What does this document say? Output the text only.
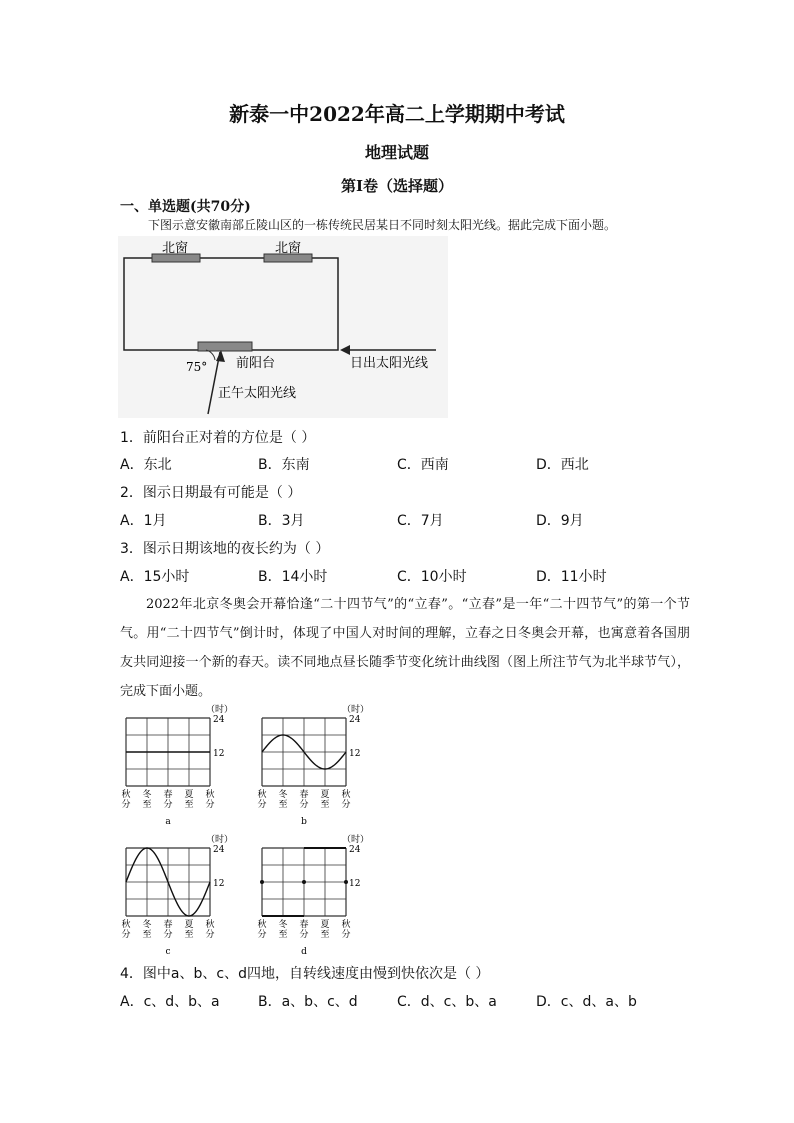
新泰一中2022年高二上学期期中考试
地理试题
第Ⅰ卷（选择题）
一、单选题(共70分)
下图示意安徽南部丘陵山区的一栋传统民居某日不同时刻太阳光线。据此完成下面小题。
北窗	北窗
前阳台	日出太阳光线
75°
正午太阳光线
1．前阳台正对着的方位是（ ）
A．东北	B．东南	C．西南	D．西北
2．图示日期最有可能是（ ）
A．1月	B．3月	C．7月	D．9月
3．图示日期该地的夜长约为（ ）
A．15小时	B．14小时	C．10小时	D．11小时
2022年北京冬奥会开幕恰逢“二十四节气”的“立春”。“立春”是一年“二十四节气”的第一个节气。用“二十四节气”倒计时，体现了中国人对时间的理解，立春之日冬奥会开幕，也寓意着各国朋友共同迎接一个新的春天。读不同地点昼长随季节变化统计曲线图（图上所注节气为北半球节气），完成下面小题。
（时）
24
12
秋
分
冬
至
春
分
夏
至
秋
分
a
（时）
24
12
秋
分
冬
至
春
分
夏
至
秋
分
b
（时）
24
12
秋
分
冬
至
春
分
夏
至
秋
分
c
（时）
24
12
秋
分
冬
至
春
分
夏
至
秋
分
d
4．图中a、b、c、d四地，自转线速度由慢到快依次是（ ）
A．c、d、b、a	B．a、b、c、d	C．d、c、b、a	D．c、d、a、b
